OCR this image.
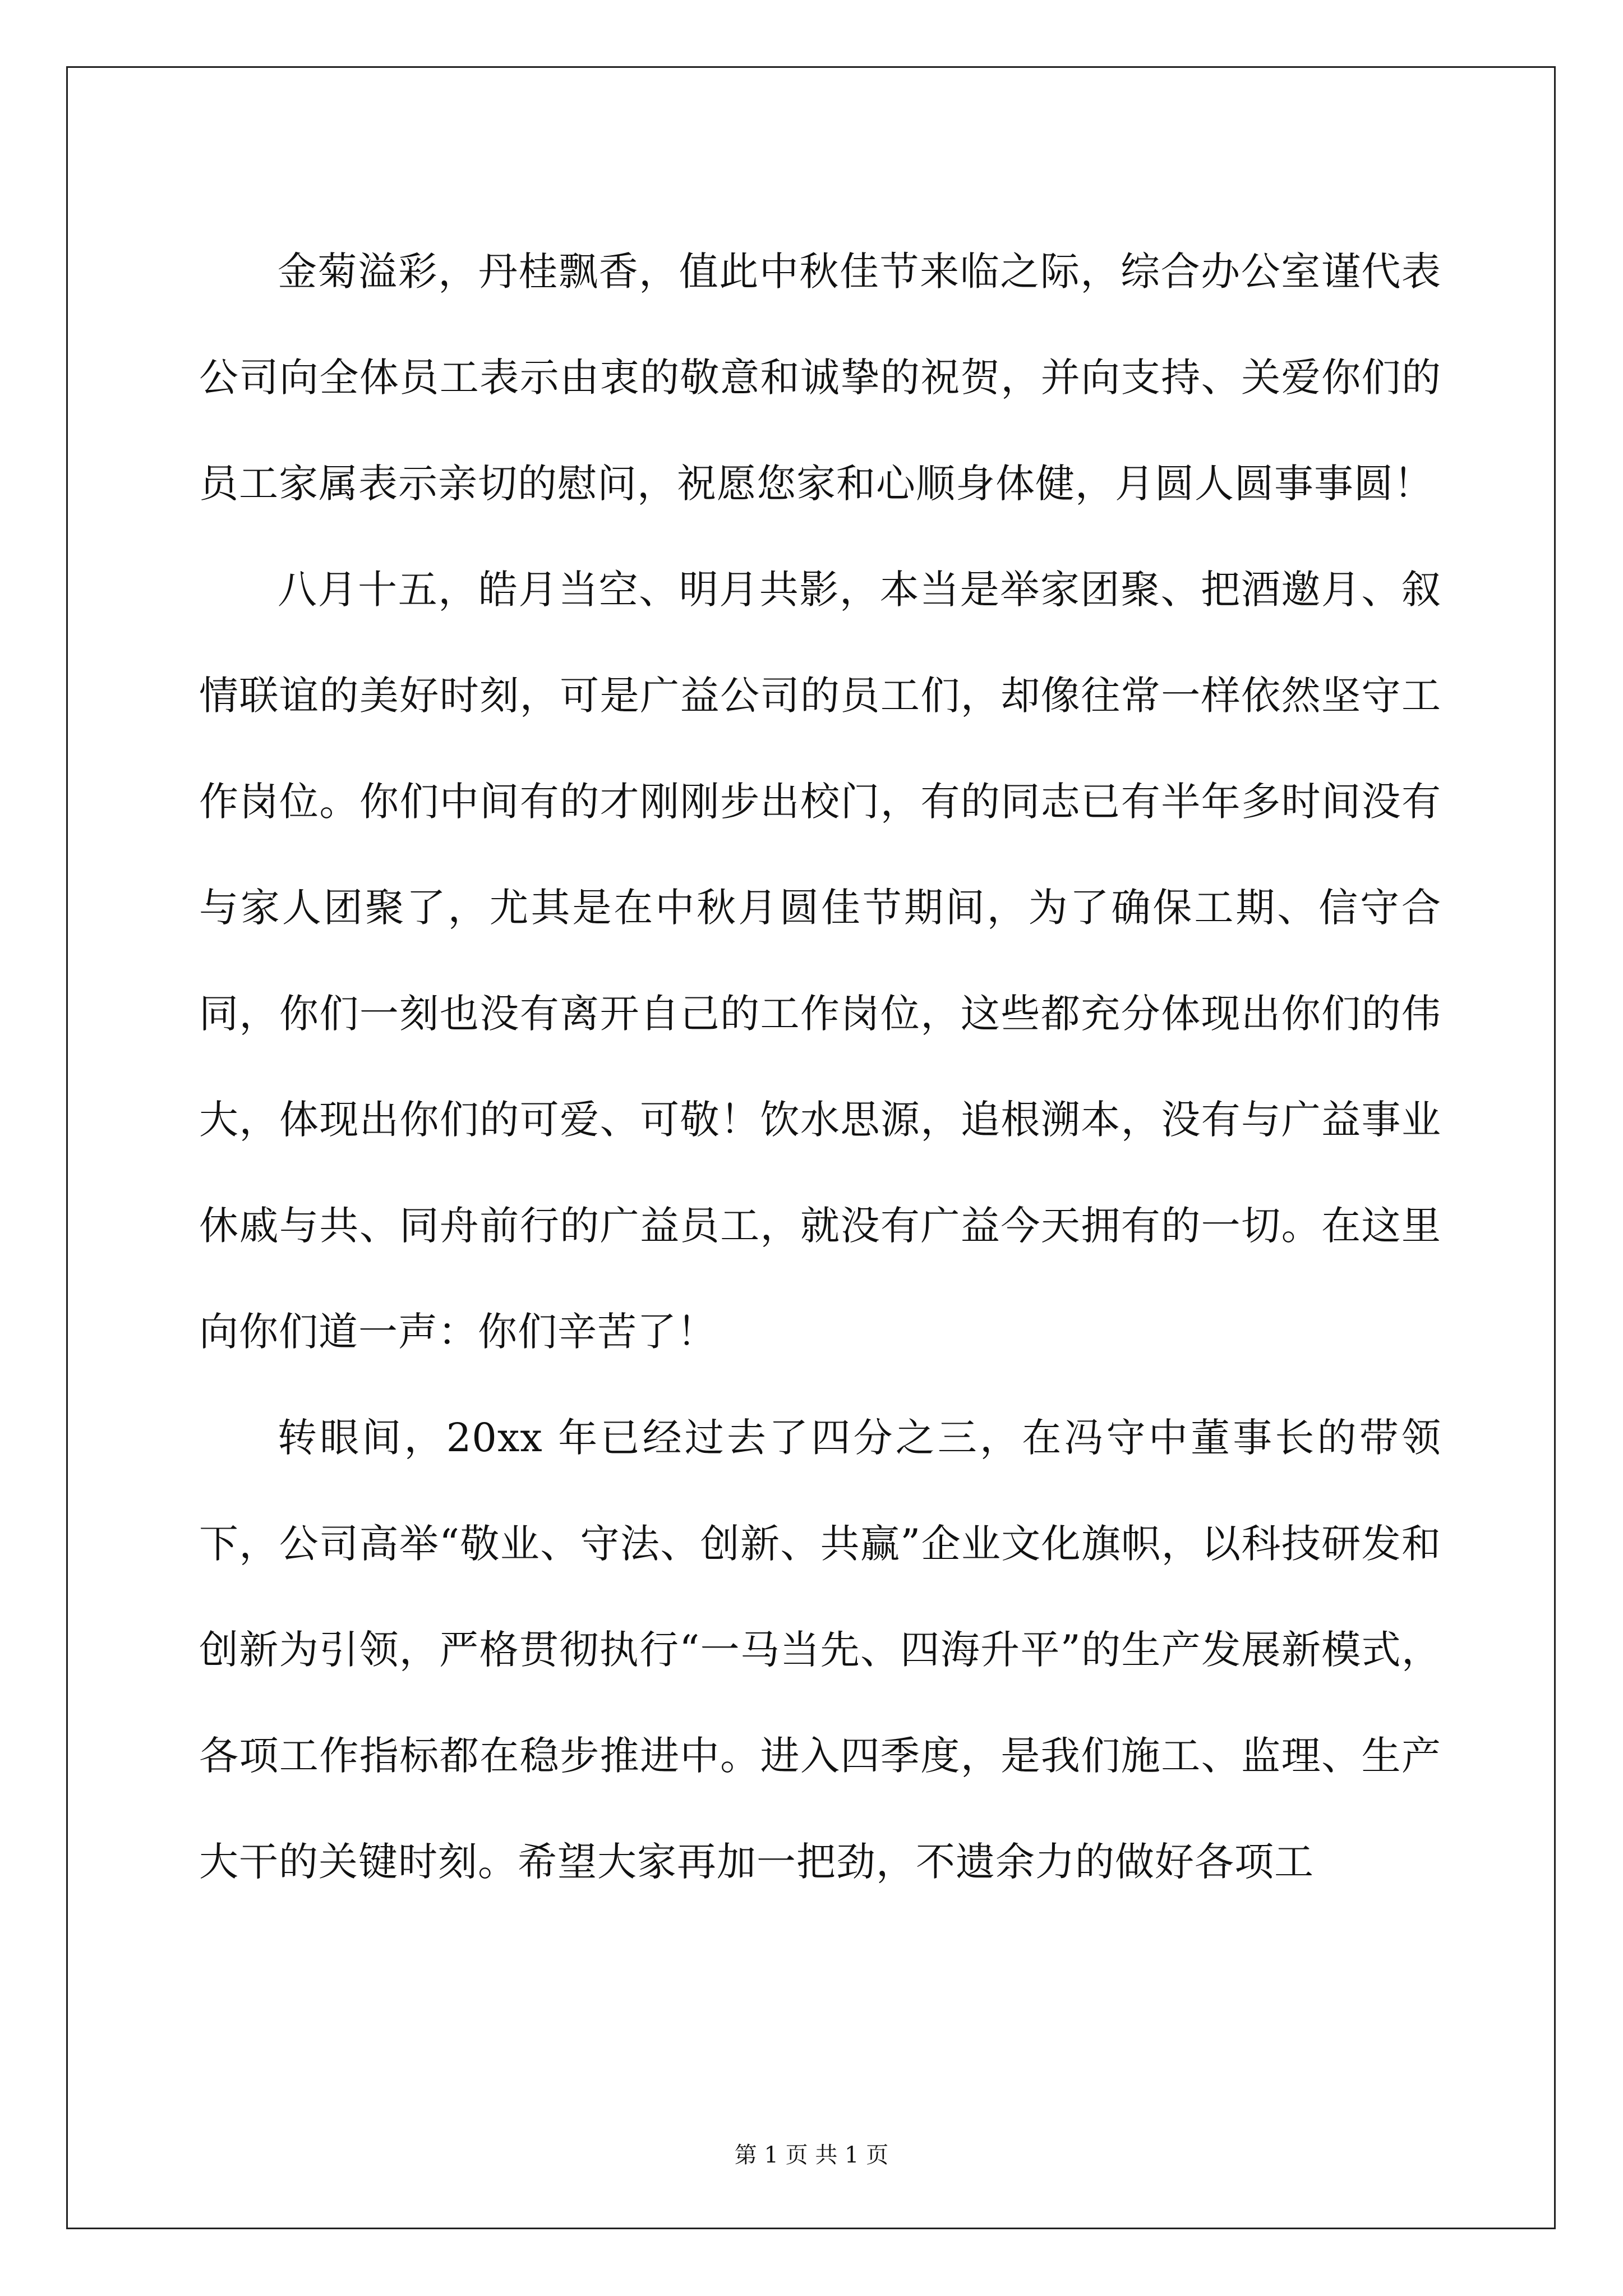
金菊溢彩，丹桂飘香，值此中秋佳节来临之际，综合办公室谨代表公司向全体员工表示由衷的敬意和诚挚的祝贺，并向支持、关爱你们的员工家属表示亲切的慰问，祝愿您家和心顺身体健，月圆人圆事事圆！

八月十五，皓月当空、明月共影，本当是举家团聚、把酒邀月、叙情联谊的美好时刻，可是广益公司的员工们，却像往常一样依然坚守工作岗位。你们中间有的才刚刚步出校门，有的同志已有半年多时间没有与家人团聚了，尤其是在中秋月圆佳节期间，为了确保工期、信守合同，你们一刻也没有离开自己的工作岗位，这些都充分体现出你们的伟大，体现出你们的可爱、可敬！饮水思源，追根溯本，没有与广益事业休戚与共、同舟前行的广益员工，就没有广益今天拥有的一切。在这里向你们道一声：你们辛苦了！

转眼间，20xx 年已经过去了四分之三，在冯守中董事长的带领下，公司高举“敬业、守法、创新、共赢”企业文化旗帜，以科技研发和创新为引领，严格贯彻执行“一马当先、四海升平”的生产发展新模式，各项工作指标都在稳步推进中。进入四季度，是我们施工、监理、生产大干的关键时刻。希望大家再加一把劲，不遗余力的做好各项工

第 1 页 共 1 页
